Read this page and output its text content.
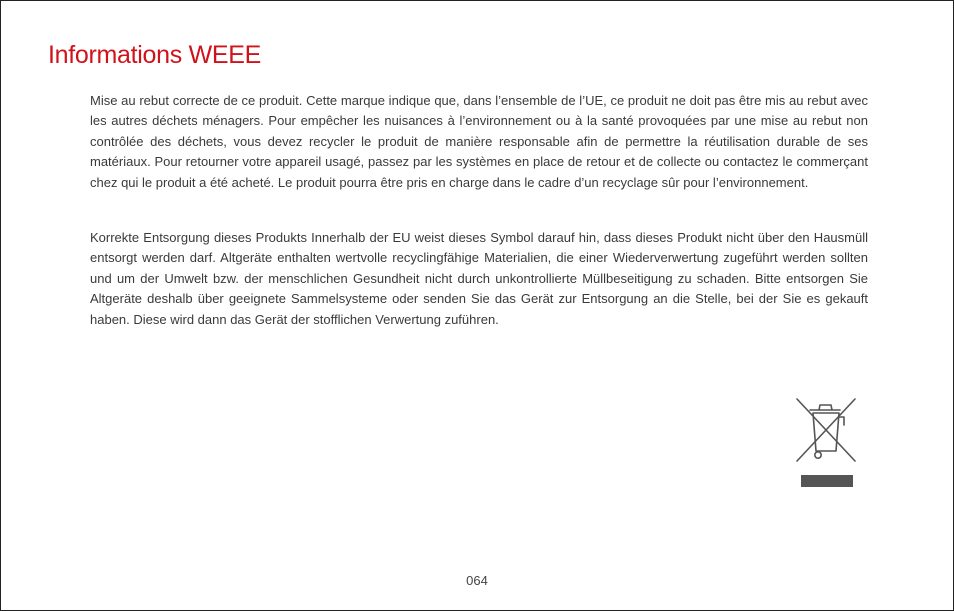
Informations WEEE

Mise au rebut correcte de ce produit. Cette marque indique que, dans l’ensemble de l’UE, ce produit ne doit pas être mis au rebut avec les autres déchets ménagers. Pour empêcher les nuisances à l’environnement ou à la santé provoquées par une mise au rebut non contrôlée des déchets, vous devez recycler le produit de manière responsable afin de permettre la réutilisation durable de ses matériaux. Pour retourner votre appareil usagé, passez par les systèmes en place de retour et de collecte ou contactez le commerçant chez qui le produit a été acheté. Le produit pourra être pris en charge dans le cadre d’un recyclage sûr pour l’environnement.

Korrekte Entsorgung dieses Produkts Innerhalb der EU weist dieses Symbol darauf hin, dass dieses Produkt nicht über den Hausmüll entsorgt werden darf. Altgeräte enthalten wertvolle recyclingfähige Materialien, die einer Wiederverwertung zugeführt werden sollten und um der Umwelt bzw. der menschlichen Gesundheit nicht durch unkontrollierte Müllbeseitigung zu schaden. Bitte entsorgen Sie Altgeräte deshalb über geeignete Sammelsysteme oder senden Sie das Gerät zur Entsorgung an die Stelle, bei der Sie es gekauft haben. Diese wird dann das Gerät der stofflichen Verwertung zuführen.

064
